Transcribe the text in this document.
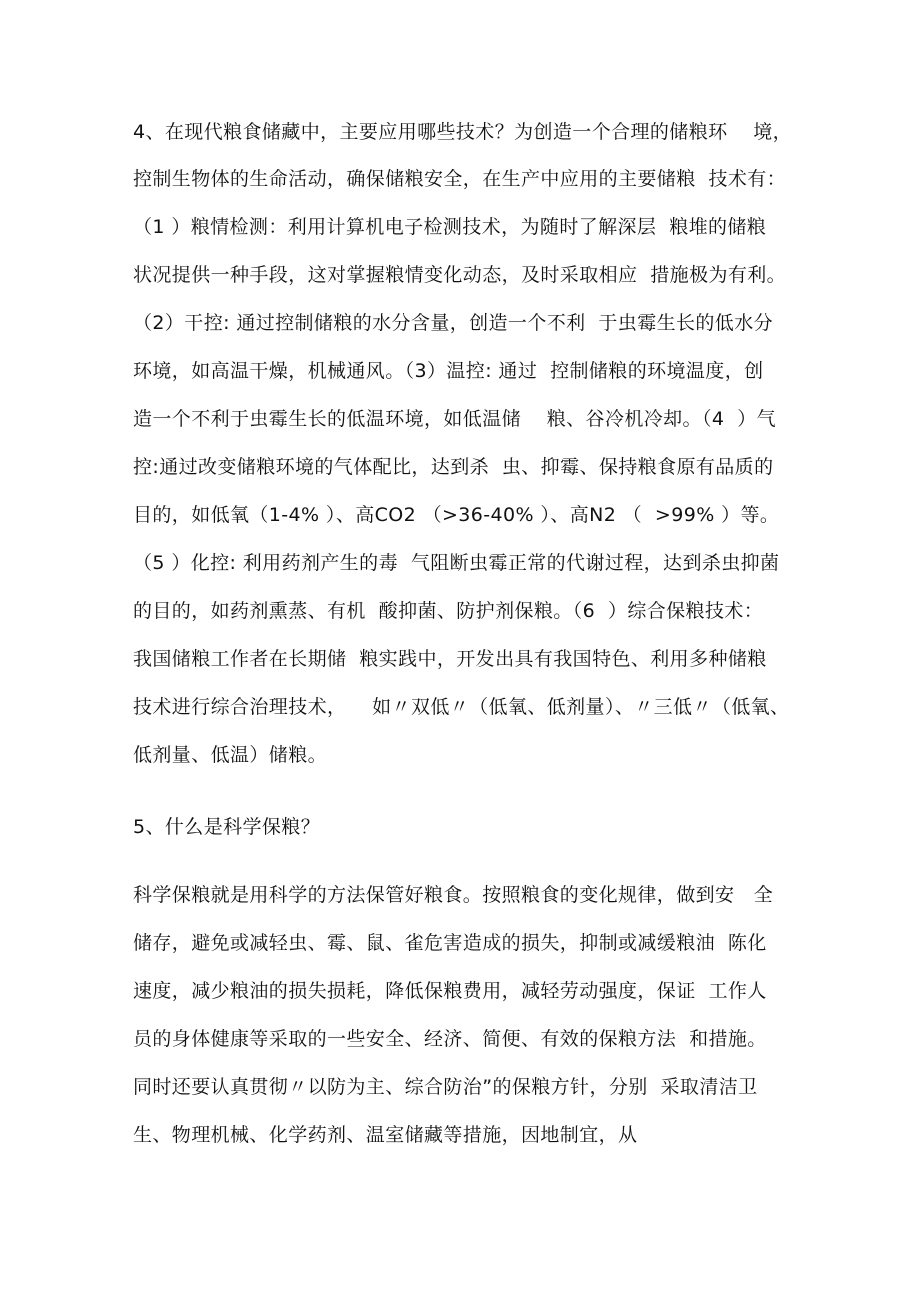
4、在现代粮食储藏中，主要应用哪些技术？为创造一个合理的储粮环    境，
控制生物体的生命活动，确保储粮安全，在生产中应用的主要储粮  技术有：
（1 ）粮情检测：利用计算机电子检测技术，为随时了解深层  粮堆的储粮
状况提供一种手段，这对掌握粮情变化动态，及时采取相应  措施极为有利。
（2）干控: 通过控制储粮的水分含量，创造一个不利  于虫霉生长的低水分
环境，如高温干燥，机械通风。（3）温控: 通过  控制储粮的环境温度，创
造一个不利于虫霉生长的低温环境，如低温储    粮、谷冷机冷却。（4  ）气
控:通过改变储粮环境的气体配比，达到杀  虫、抑霉、保持粮食原有品质的
目的，如低氧（1-4% ）、高CO2 （>36-40% ）、高N2 （  >99% ）等。
（5 ）化控: 利用药剂产生的毒  气阻断虫霉正常的代谢过程，达到杀虫抑菌
的目的，如药剂熏蒸、有机  酸抑菌、防护剂保粮。（6  ）综合保粮技术：
我国储粮工作者在长期储  粮实践中，开发出具有我国特色、利用多种储粮
技术进行综合治理技术，    如〃双低〃（低氧、低剂量）、〃三低〃（低氧、
低剂量、低温）储粮。
5、什么是科学保粮？
科学保粮就是用科学的方法保管好粮食。按照粮食的变化规律，做到安   全
储存，避免或减轻虫、霉、鼠、雀危害造成的损失，抑制或减缓粮油  陈化
速度，减少粮油的损失损耗，降低保粮费用，减轻劳动强度，保证  工作人
员的身体健康等采取的一些安全、经济、简便、有效的保粮方法  和措施。
同时还要认真贯彻〃以防为主、综合防治”的保粮方针，分别  采取清洁卫
生、物理机械、化学药剂、温室储藏等措施，因地制宜，从
